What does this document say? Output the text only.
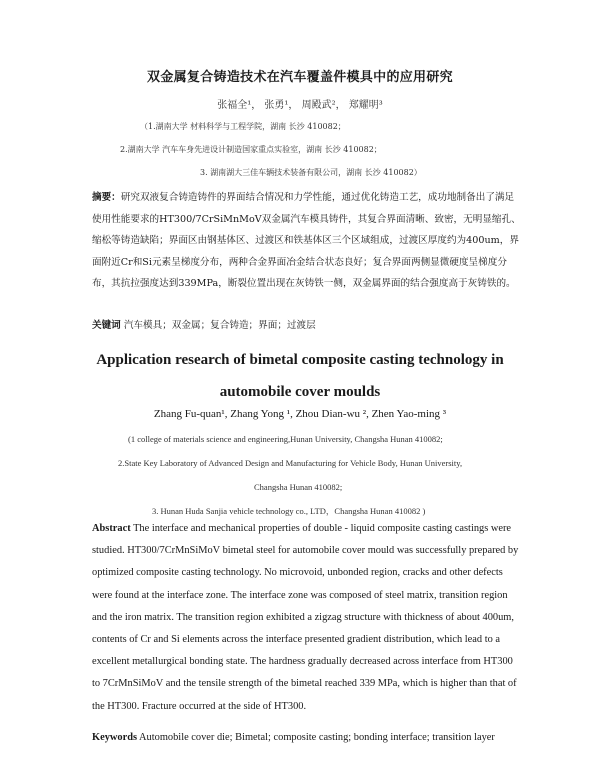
双金属复合铸造技术在汽车覆盖件模具中的应用研究
张福全¹， 张勇¹， 周殿武²， 郑耀明³
（1.湖南大学 材料科学与工程学院，湖南 长沙 410082；
2.湖南大学 汽车车身先进设计制造国家重点实验室，湖南 长沙 410082；
3. 湖南湖大三佳车辆技术装备有限公司，湖南 长沙 410082）
摘要：研究双液复合铸造铸件的界面结合情况和力学性能，通过优化铸造工艺，成功地制备出了满足使用性能要求的HT300/7CrSiMnMoV双金属汽车模具铸件，其复合界面清晰、致密，无明显缩孔、缩松等铸造缺陷；界面区由钢基体区、过渡区和铁基体区三个区域组成，过渡区厚度约为400um，界面附近Cr和Si元素呈梯度分布，两种合金界面冶金结合状态良好；复合界面两侧显微硬度呈梯度分布，其抗拉强度达到339MPa，断裂位置出现在灰铸铁一侧，双金属界面的结合强度高于灰铸铁的。
关键词 汽车模具；双金属；复合铸造；界面；过渡层
Application research of bimetal composite casting technology in
automobile cover moulds
Zhang Fu-quan¹, Zhang Yong ¹, Zhou Dian-wu ², Zhen Yao-ming ³
(1 college of materials science and engineering,Hunan University, Changsha Hunan 410082;
2.State Key Laboratory of Advanced Design and Manufacturing for Vehicle Body, Hunan University,
Changsha Hunan 410082;
3. Hunan Huda Sanjia vehicle technology co., LTD，Changsha Hunan 410082 )
Abstract The interface and mechanical properties of double - liquid composite casting castings were studied. HT300/7CrMnSiMoV bimetal steel for automobile cover mould was successfully prepared by optimized composite casting technology. No microvoid, unbonded region, cracks and other defects were found at the interface zone. The interface zone was composed of steel matrix, transition region and the iron matrix. The transition region exhibited a zigzag structure with thickness of about 400um, contents of Cr and Si elements across the interface presented gradient distribution, which lead to a excellent metallurgical bonding state. The hardness gradually decreased across interface from HT300 to 7CrMnSiMoV and the tensile strength of the bimetal reached 339 MPa, which is higher than that of the HT300. Fracture occurred at the side of HT300.
Keywords Automobile cover die; Bimetal; composite casting; bonding interface; transition layer
